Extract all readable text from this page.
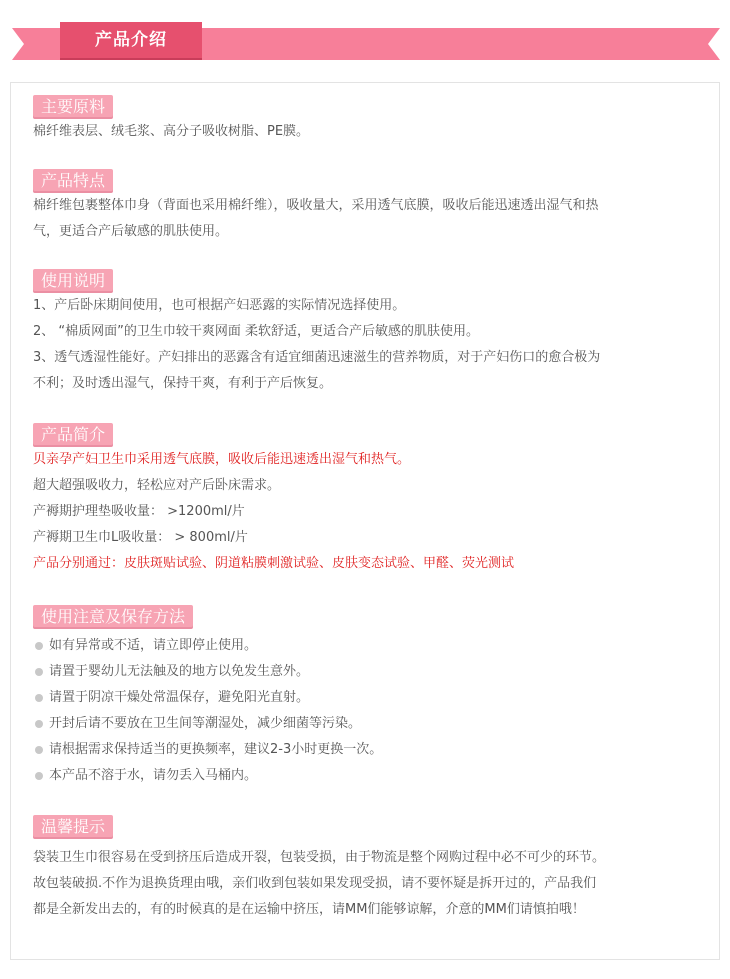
产品介绍
主要原料

棉纤维表层、绒毛浆、高分子吸收树脂、PE膜。

产品特点

棉纤维包裹整体巾身（背面也采用棉纤维），吸收量大，采用透气底膜，吸收后能迅速透出湿气和热

气，更适合产后敏感的肌肤使用。

使用说明

1、产后卧床期间使用，也可根据产妇恶露的实际情况选择使用。

2、 “棉质网面”的卫生巾较干爽网面 柔软舒适，更适合产后敏感的肌肤使用。

3、透气透湿性能好。产妇排出的恶露含有适宜细菌迅速滋生的营养物质，对于产妇伤口的愈合极为

不利；及时透出湿气，保持干爽，有利于产后恢复。

产品简介

贝亲孕产妇卫生巾采用透气底膜，吸收后能迅速透出湿气和热气。

超大超强吸收力，轻松应对产后卧床需求。

产褥期护理垫吸收量： >1200ml/片

产褥期卫生巾L吸收量： > 800ml/片

产品分别通过：皮肤斑贴试验、阴道粘膜刺激试验、皮肤变态试验、甲醛、荧光测试

使用注意及保存方法
如有异常或不适，请立即停止使用。
请置于婴幼儿无法触及的地方以免发生意外。
请置于阴凉干燥处常温保存，避免阳光直射。
开封后请不要放在卫生间等潮湿处，减少细菌等污染。
请根据需求保持适当的更换频率，建议2-3小时更换一次。
本产品不溶于水，请勿丢入马桶内。
温馨提示

袋装卫生巾很容易在受到挤压后造成开裂，包装受损，由于物流是整个网购过程中必不可少的环节。

故包装破损.不作为退换货理由哦，亲们收到包装如果发现受损，请不要怀疑是拆开过的，产品我们

都是全新发出去的，有的时候真的是在运输中挤压，请MM们能够谅解，介意的MM们请慎拍哦！
